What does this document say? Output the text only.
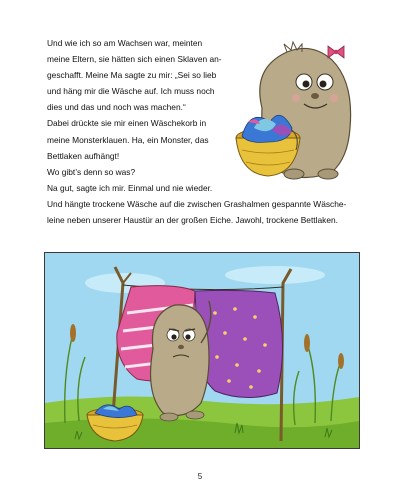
Und wie ich so am Wachsen war, meinten

meine Eltern, sie hätten sich einen Sklaven an-

geschafft. Meine Ma sagte zu mir: „Sei so lieb

und häng mir die Wäsche auf. Ich muss noch

dies und das und noch was machen.“

Dabei drückte sie mir einen Wäschekorb in

meine Monsterklauen. Ha, ein Monster, das

Bettlaken aufhängt!

Wo gibt’s denn so was?

Na gut, sagte ich mir. Einmal und nie wieder.

Und hängte trockene Wäsche auf die zwischen Grashalmen gespannte Wäsche-

leine neben unserer Haustür an der großen Eiche. Jawohl, trockene Bettlaken.

5
